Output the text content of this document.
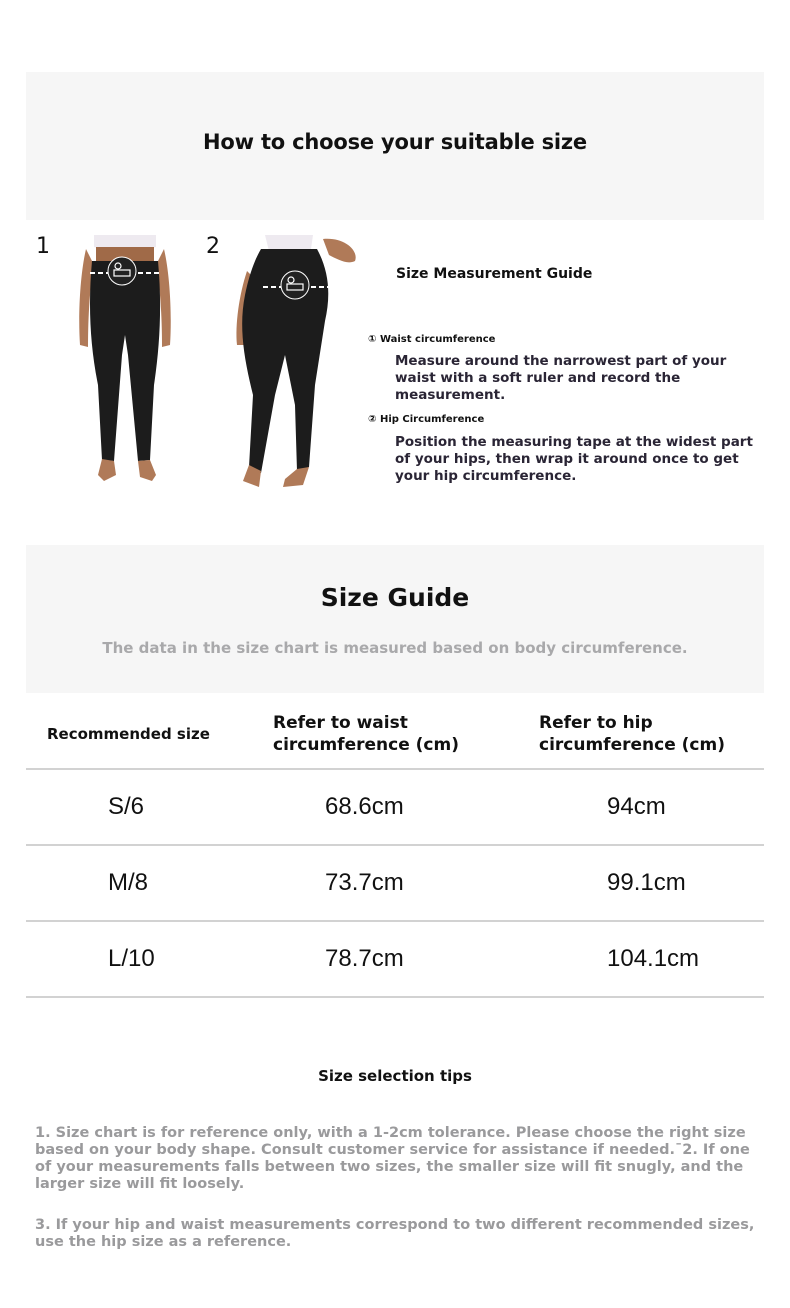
How to choose your suitable size
1	2
Size Measurement Guide
① Waist circumference
Measure around the narrowest part of your waist with a soft ruler and record the measurement.
② Hip Circumference
Position the measuring tape at the widest part of your hips, then wrap it around once to get your hip circumference.
Size Guide

The data in the size chart is measured based on body circumference.

Recommended size	Refer to waist circumference (cm)	Refer to hip circumference (cm)
S/6	68.6cm	94cm
M/8	73.7cm	99.1cm
L/10	78.7cm	104.1cm
Size selection tips
1. Size chart is for reference only, with a 1-2cm tolerance. Please choose the right size based on your body shape. Consult customer service for assistance if needed.¯2. If one of your measurements falls between two sizes, the smaller size will fit snugly, and the larger size will fit loosely.
3. If your hip and waist measurements correspond to two different recommended sizes, use the hip size as a reference.
